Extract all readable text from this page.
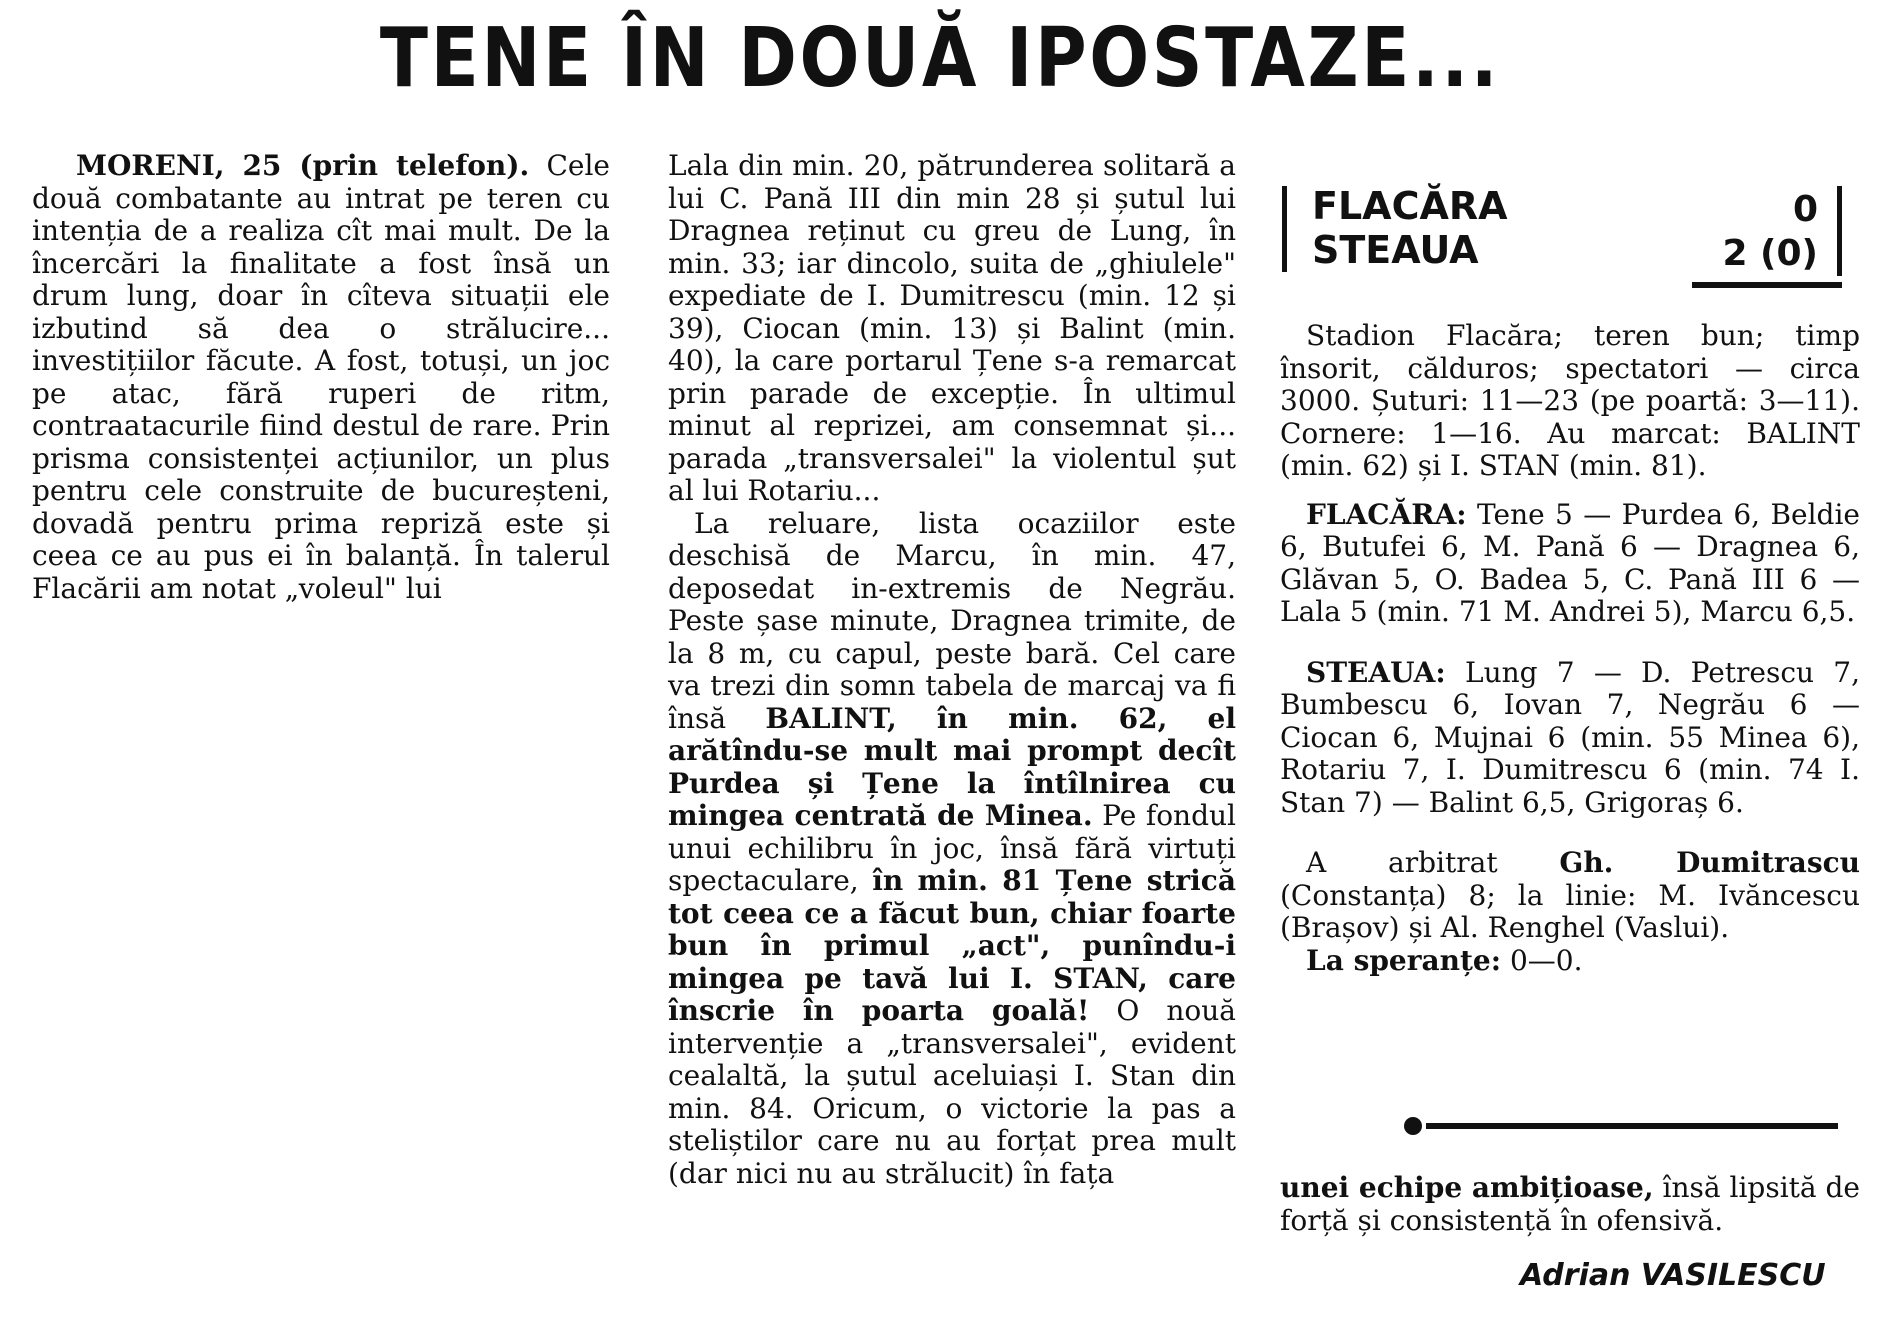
TENE ÎN DOUĂ IPOSTAZE...

MORENI, 25 (prin telefon). Cele două combatante au intrat pe teren cu intenția de a realiza cît mai mult. De la încercări la finalitate a fost însă un drum lung, doar în cîteva situații ele izbutind să dea o strălucire... investițiilor făcute. A fost, totuși, un joc pe atac, fără ruperi de ritm, contraatacurile fiind destul de rare. Prin prisma consistenței acțiunilor, un plus pentru cele construite de bucureșteni, dovadă pentru prima repriză este și ceea ce au pus ei în balanță. În talerul Flacării am notat „voleul" lui

Lala din min. 20, pătrunderea solitară a lui C. Pană III din min 28 și șutul lui Dragnea reținut cu greu de Lung, în min. 33; iar dincolo, suita de „ghiulele" expediate de I. Dumitrescu (min. 12 și 39), Ciocan (min. 13) și Balint (min. 40), la care portarul Țene s-a remarcat prin parade de excepție. În ultimul minut al reprizei, am consemnat și... parada „transversalei" la violentul șut al lui Rotariu...

La reluare, lista ocaziilor este deschisă de Marcu, în min. 47, deposedat in-extremis de Negrău. Peste șase minute, Dragnea trimite, de la 8 m, cu capul, peste bară. Cel care va trezi din somn tabela de marcaj va fi însă BALINT, în min. 62, el arătîndu-se mult mai prompt decît Purdea și Țene la întîlnirea cu mingea centrată de Minea. Pe fondul unui echilibru în joc, însă fără virtuți spectaculare, în min. 81 Țene strică tot ceea ce a făcut bun, chiar foarte bun în primul „act", punîndu-i mingea pe tavă lui I. STAN, care înscrie în poarta goală! O nouă intervenție a „transversalei", evident cealaltă, la șutul aceluiași I. Stan din min. 84. Oricum, o victorie la pas a steliștilor care nu au forțat prea mult (dar nici nu au strălucit) în fața

FLACĂRA
STEAUA
0
2 (0)

Stadion Flacăra; teren bun; timp însorit, călduros; spectatori — circa 3000. Șuturi: 11—23 (pe poartă: 3—11). Cornere: 1—16. Au marcat: BALINT (min. 62) și I. STAN (min. 81).

FLACĂRA: Tene 5 — Purdea 6, Beldie 6, Butufei 6, M. Pană 6 — Dragnea 6, Glăvan 5, O. Badea 5, C. Pană III 6 — Lala 5 (min. 71 M. Andrei 5), Marcu 6,5.

STEAUA: Lung 7 — D. Petrescu 7, Bumbescu 6, Iovan 7, Negrău 6 — Ciocan 6, Mujnai 6 (min. 55 Minea 6), Rotariu 7, I. Dumitrescu 6 (min. 74 I. Stan 7) — Balint 6,5, Grigoraș 6.

A arbitrat Gh. Dumitrascu (Constanța) 8; la linie: M. Ivăncescu (Brașov) și Al. Renghel (Vaslui).

La speranțe: 0—0.

unei echipe ambițioase, însă lipsită de forță și consistență în ofensivă.

Adrian VASILESCU
